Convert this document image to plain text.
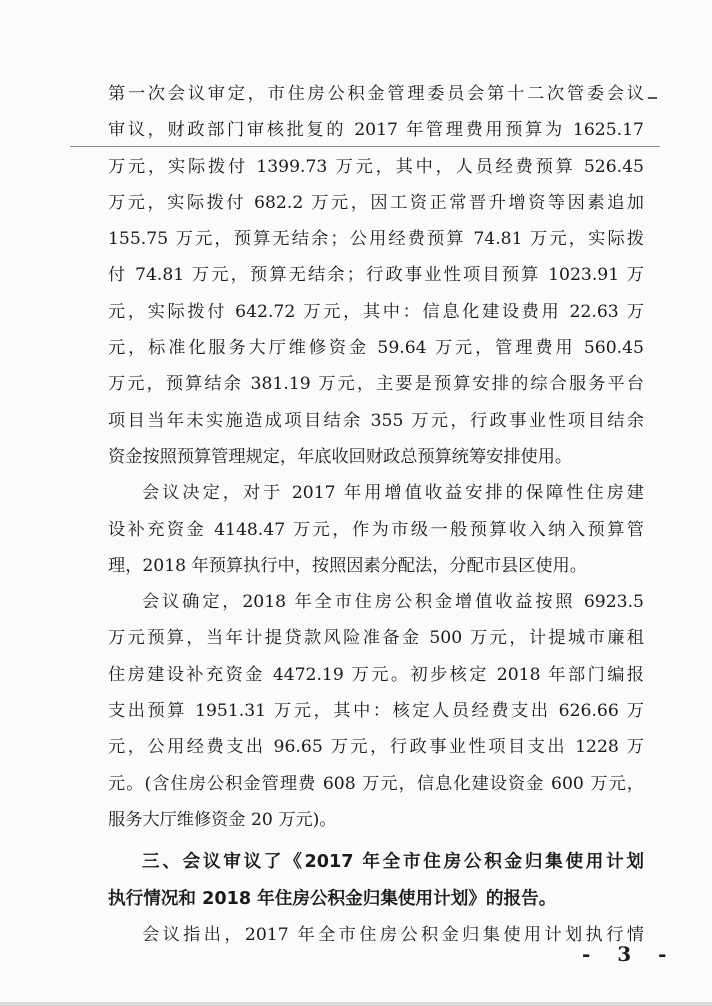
第一次会议审定，市住房公积金管理委员会第十二次管委会议
审议，财政部门审核批复的 2017 年管理费用预算为 1625.17
万元，实际拨付 1399.73 万元，其中，人员经费预算 526.45
万元，实际拨付 682.2 万元，因工资正常晋升增资等因素追加
155.75 万元，预算无结余；公用经费预算 74.81 万元，实际拨
付 74.81 万元，预算无结余；行政事业性项目预算 1023.91 万
元，实际拨付 642.72 万元，其中：信息化建设费用 22.63 万
元，标准化服务大厅维修资金 59.64 万元，管理费用 560.45
万元，预算结余 381.19 万元，主要是预算安排的综合服务平台
项目当年未实施造成项目结余 355 万元，行政事业性项目结余
资金按照预算管理规定，年底收回财政总预算统筹安排使用。
会议决定，对于 2017 年用增值收益安排的保障性住房建
设补充资金 4148.47 万元，作为市级一般预算收入纳入预算管
理，2018 年预算执行中，按照因素分配法，分配市县区使用。
会议确定，2018 年全市住房公积金增值收益按照 6923.5
万元预算，当年计提贷款风险准备金 500 万元，计提城市廉租
住房建设补充资金 4472.19 万元。初步核定 2018 年部门编报
支出预算 1951.31 万元，其中：核定人员经费支出 626.66 万
元，公用经费支出 96.65 万元，行政事业性项目支出 1228 万
元。(含住房公积金管理费 608 万元，信息化建设资金 600 万元，
服务大厅维修资金 20 万元)。
三、会议审议了《2017 年全市住房公积金归集使用计划
执行情况和 2018 年住房公积金归集使用计划》的报告。
会议指出，2017 年全市住房公积金归集使用计划执行情
- 3 -
